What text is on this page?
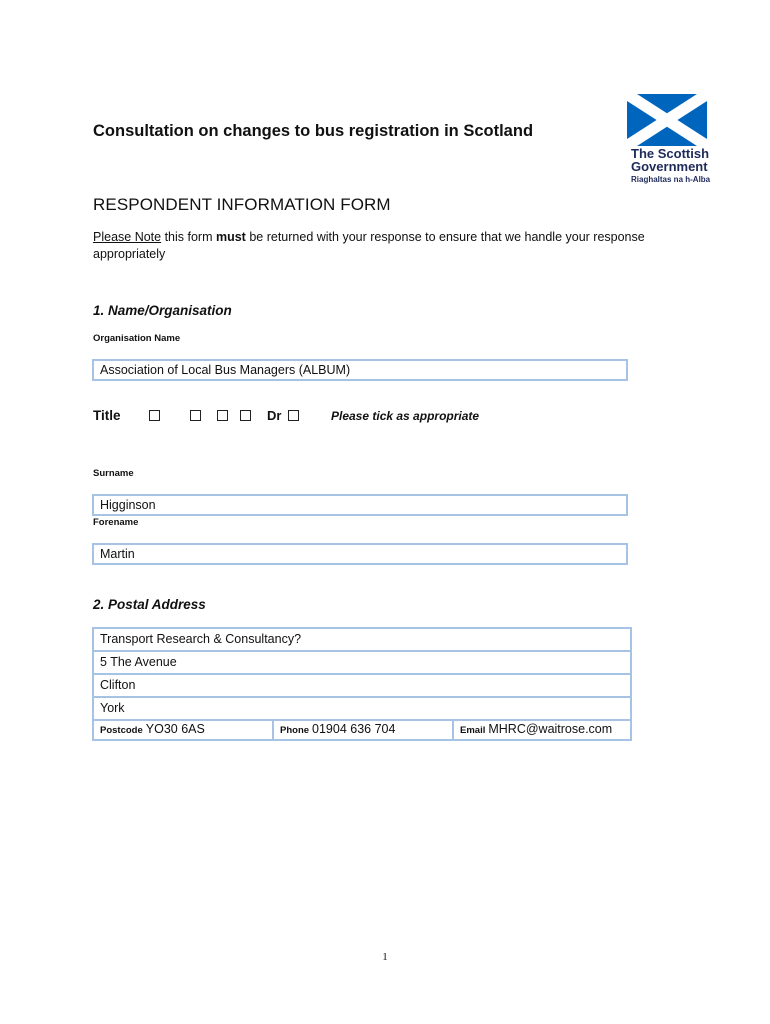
The Scottish
Government
Riaghaltas na h-Alba
Consultation on changes to bus registration in Scotland
RESPONDENT INFORMATION FORM
Please Note this form must be returned with your response to ensure that we handle your response appropriately
1. Name/Organisation
Organisation Name
Association of Local Bus Managers (ALBUM)
Title	Dr	Please tick as appropriate
Surname
Higginson
Forename
Martin
2. Postal Address
Transport Research & Consultancy?
5 The Avenue
Clifton
York
Postcode YO30 6AS	Phone 01904 636 704	Email MHRC@waitrose.com
1
